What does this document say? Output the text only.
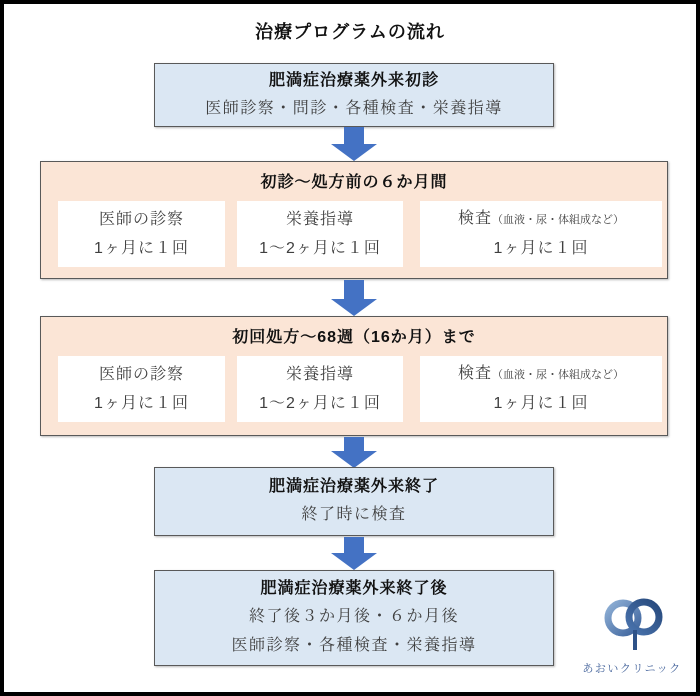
治療プログラムの流れ
肥満症治療薬外来初診
医師診察・問診・各種検査・栄養指導
初診～処方前の６か月間
医師の診察
1ヶ月に１回
栄養指導
1～2ヶ月に１回
検査（血液・尿・体組成など）
1ヶ月に１回
初回処方～68週（16か月）まで
医師の診察
1ヶ月に１回
栄養指導
1～2ヶ月に１回
検査（血液・尿・体組成など）
1ヶ月に１回
肥満症治療薬外来終了
終了時に検査
肥満症治療薬外来終了後
終了後３か月後・６か月後
医師診察・各種検査・栄養指導
あおいクリニック
